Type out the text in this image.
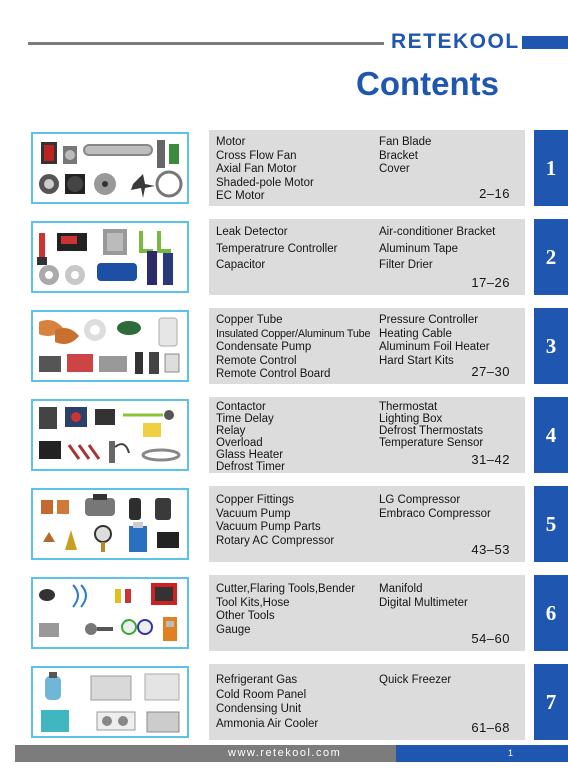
RETEKOOL
Contents
Motor
Cross Flow Fan
Axial Fan Motor
Shaded-pole Motor
EC Motor
Fan Blade
Bracket
Cover
2–16
1
Leak Detector
Temperatrure Controller
Capacitor
Air-conditioner Bracket
Aluminum Tape
Filter Drier
17–26
2
Copper Tube
Insulated Copper/Aluminum Tube
Condensate Pump
Remote Control
Remote Control Board
Pressure Controller
Heating Cable
Aluminum Foil Heater
Hard Start Kits
27–30
3
Contactor
Time Delay
Relay
Overload
Glass Heater
Defrost Timer
Thermostat
Lighting Box
Defrost Thermostats
Temperature Sensor
31–42
4
Copper Fittings
Vacuum Pump
Vacuum Pump Parts
Rotary AC Compressor
LG Compressor
Embraco Compressor
43–53
5
Cutter,Flaring Tools,Bender
Tool Kits,Hose
Other Tools
Gauge
Manifold
Digital Multimeter
54–60
6
Refrigerant Gas
Cold Room Panel
Condensing Unit
Ammonia Air Cooler
Quick Freezer
61–68
7
www.retekool.com	1
